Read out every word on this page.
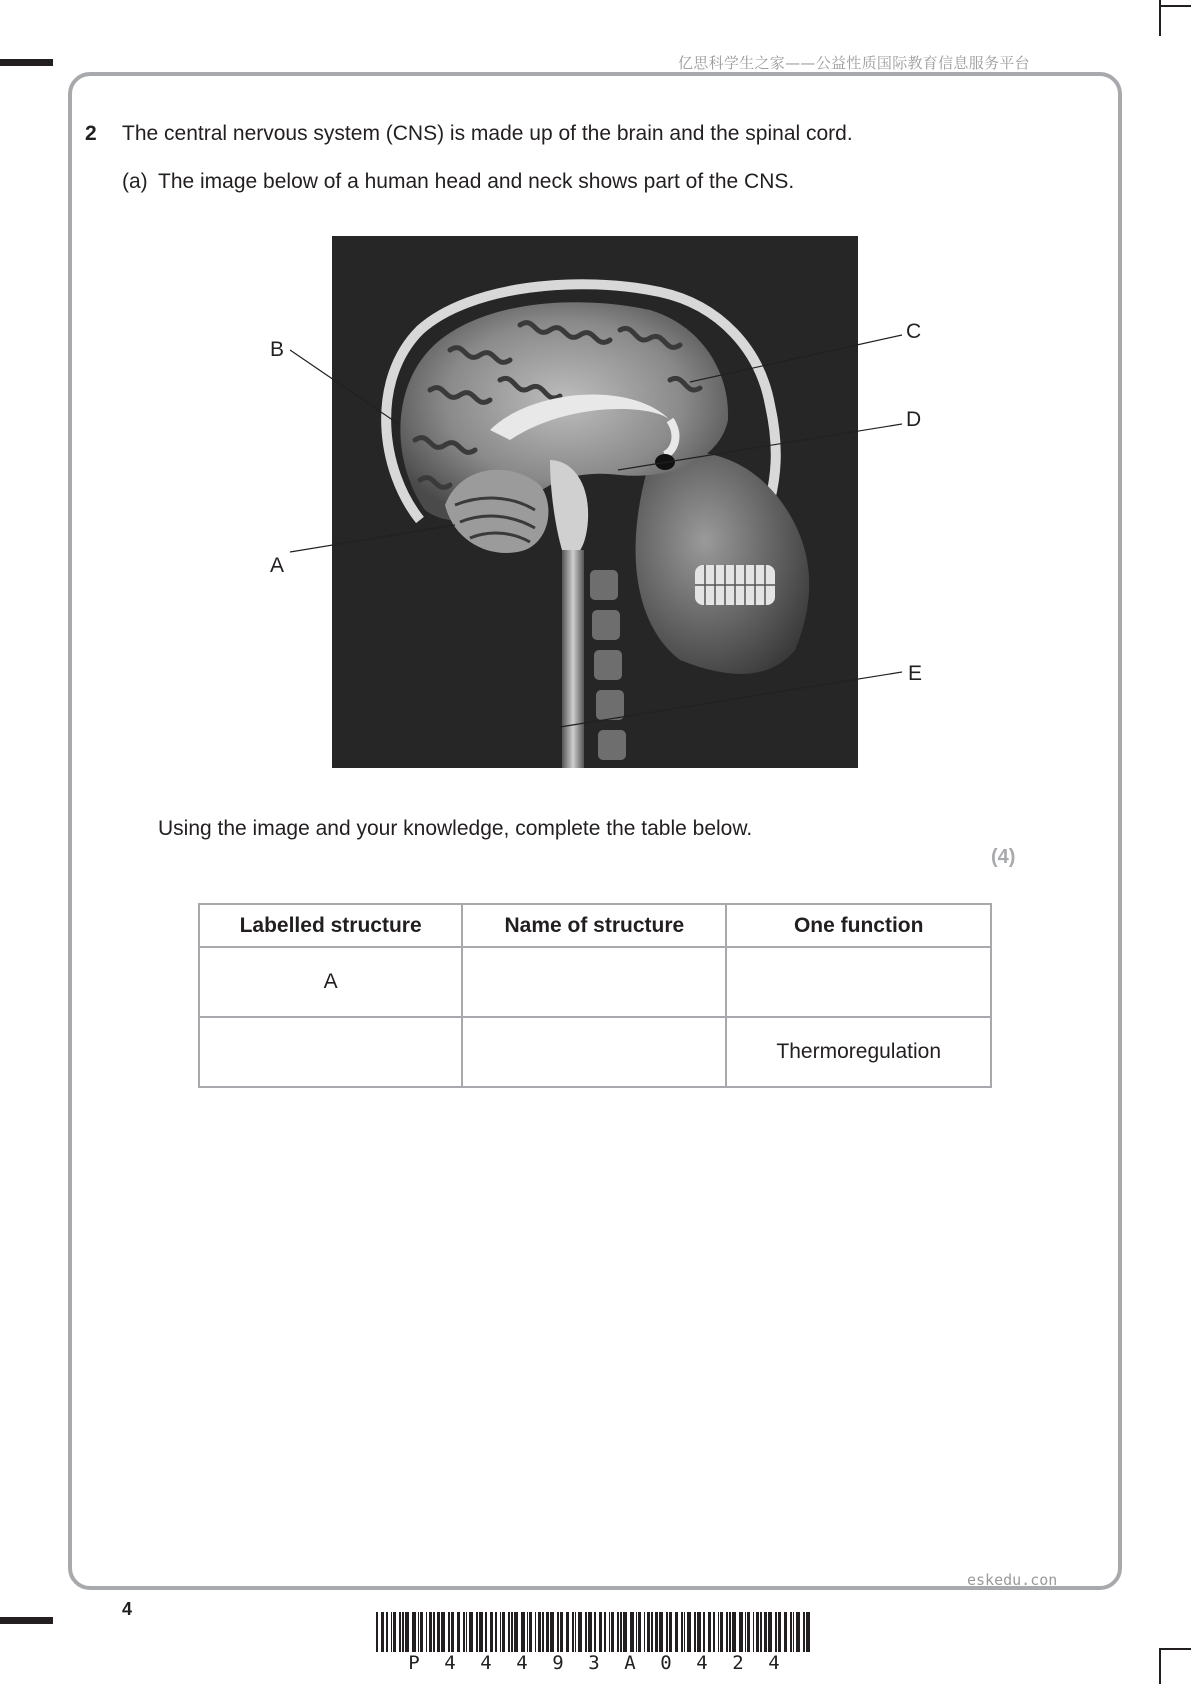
亿思科学生之家——公益性质国际教育信息服务平台
2 The central nervous system (CNS) is made up of the brain and the spinal cord.
(a) The image below of a human head and neck shows part of the CNS.
B
A
C
D
E
Using the image and your knowledge, complete the table below.
(4)
Labelled structure	Name of structure	One function
A		
		Thermoregulation
eskedu.con
4
P 4 4 4 9 3 A 0 4 2 4
